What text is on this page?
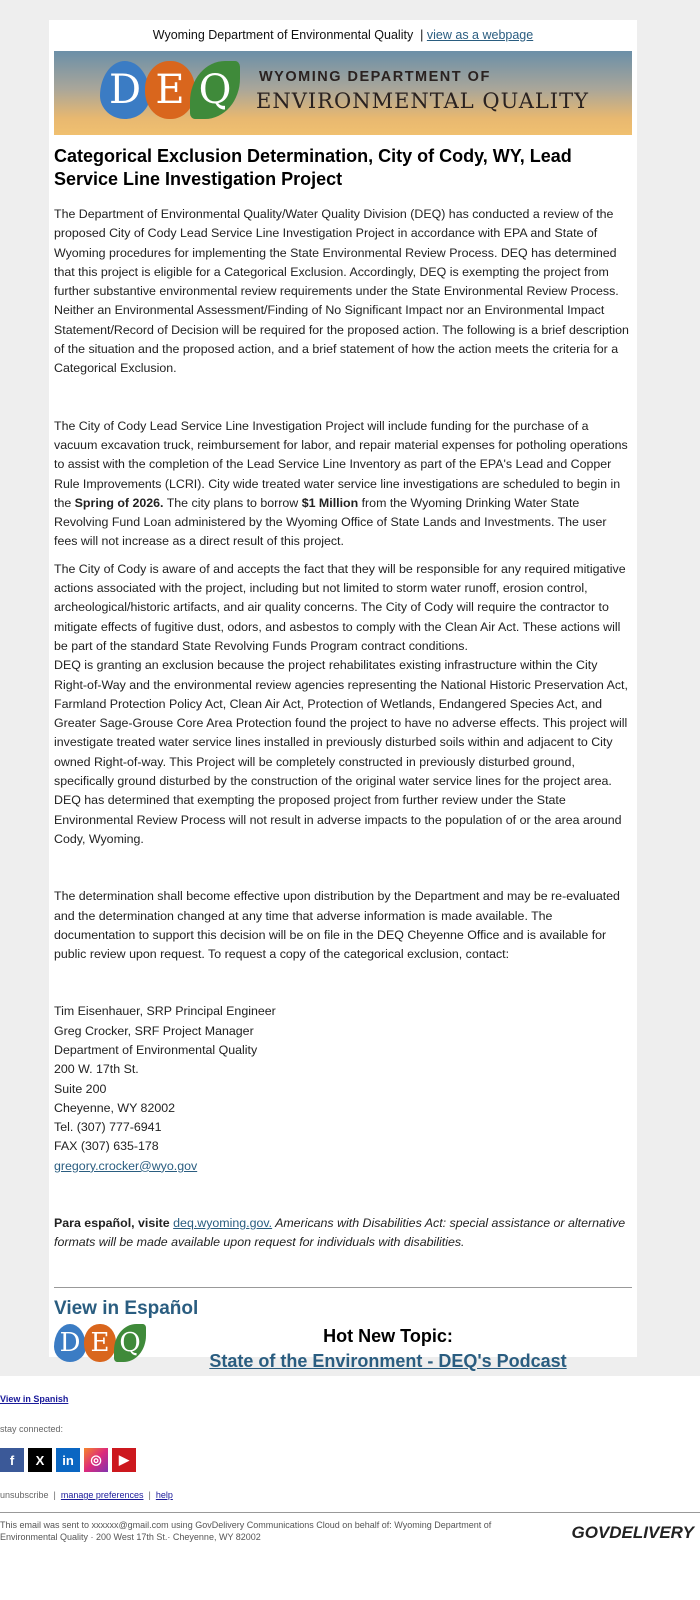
Wyoming Department of Environmental Quality | view as a webpage
D E Q	WYOMING DEPARTMENT OF
ENVIRONMENTAL QUALITY
Categorical Exclusion Determination, City of Cody, WY, Lead Service Line Investigation Project

The Department of Environmental Quality/Water Quality Division (DEQ) has conducted a review of the proposed City of Cody Lead Service Line Investigation Project in accordance with EPA and State of Wyoming procedures for implementing the State Environmental Review Process. DEQ has determined that this project is eligible for a Categorical Exclusion. Accordingly, DEQ is exempting the project from further substantive environmental review requirements under the State Environmental Review Process. Neither an Environmental Assessment/Finding of No Significant Impact nor an Environmental Impact Statement/Record of Decision will be required for the proposed action. The following is a brief description of the situation and the proposed action, and a brief statement of how the action meets the criteria for a Categorical Exclusion.

The City of Cody Lead Service Line Investigation Project will include funding for the purchase of a vacuum excavation truck, reimbursement for labor, and repair material expenses for potholing operations to assist with the completion of the Lead Service Line Inventory as part of the EPA's Lead and Copper Rule Improvements (LCRI). City wide treated water service line investigations are scheduled to begin in the Spring of 2026. The city plans to borrow $1 Million from the Wyoming Drinking Water State Revolving Fund Loan administered by the Wyoming Office of State Lands and Investments. The user fees will not increase as a direct result of this project.

The City of Cody is aware of and accepts the fact that they will be responsible for any required mitigative actions associated with the project, including but not limited to storm water runoff, erosion control, archeological/historic artifacts, and air quality concerns. The City of Cody will require the contractor to mitigate effects of fugitive dust, odors, and asbestos to comply with the Clean Air Act. These actions will be part of the standard State Revolving Funds Program contract conditions.

DEQ is granting an exclusion because the project rehabilitates existing infrastructure within the City Right-of-Way and the environmental review agencies representing the National Historic Preservation Act, Farmland Protection Policy Act, Clean Air Act, Protection of Wetlands, Endangered Species Act, and Greater Sage-Grouse Core Area Protection found the project to have no adverse effects. This project will investigate treated water service lines installed in previously disturbed soils within and adjacent to City owned Right-of-way. This Project will be completely constructed in previously disturbed ground, specifically ground disturbed by the construction of the original water service lines for the project area. DEQ has determined that exempting the proposed project from further review under the State Environmental Review Process will not result in adverse impacts to the population of or the area around Cody, Wyoming.

The determination shall become effective upon distribution by the Department and may be re-evaluated and the determination changed at any time that adverse information is made available. The documentation to support this decision will be on file in the DEQ Cheyenne Office and is available for public review upon request. To request a copy of the categorical exclusion, contact:

Tim Eisenhauer, SRP Principal Engineer
Greg Crocker, SRF Project Manager
Department of Environmental Quality
200 W. 17th St.
Suite 200
Cheyenne, WY 82002
Tel. (307) 777-6941
FAX (307) 635-178
gregory.crocker@wyo.gov

Para español, visite deq.wyoming.gov. Americans with Disabilities Act: special assistance or alternative formats will be made available upon request for individuals with disabilities.

View in Español
D E Q	Hot New Topic:
State of the Environment - DEQ's Podcast
View in Spanish
stay connected:
f	X	in	◎	▶
unsubscribe | manage preferences | help
This email was sent to xxxxxx@gmail.com using GovDelivery Communications Cloud on behalf of: Wyoming Department of Environmental Quality · 200 West 17th St.· Cheyenne, WY 82002	GOVDELIVERY
